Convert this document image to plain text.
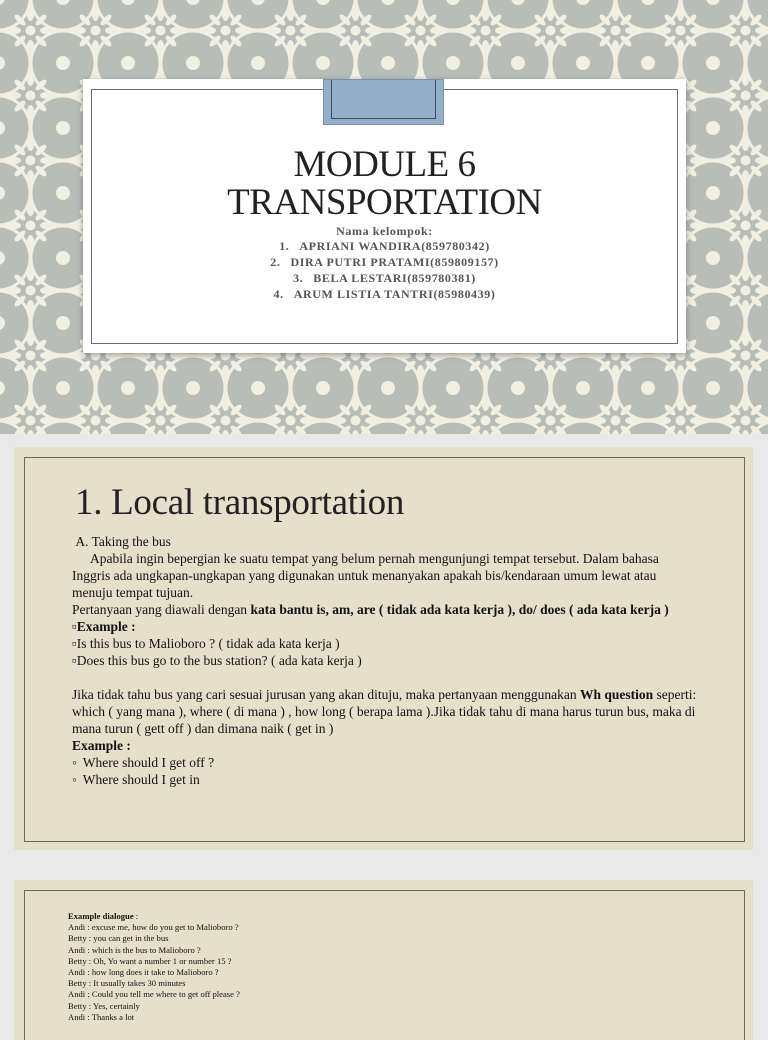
MODULE 6
TRANSPORTATION
Nama kelompok:
1. APRIANI WANDIRA(859780342)
2. DIRA PUTRI PRATAMI(859809157)
3. BELA LESTARI(859780381)
4. ARUM LISTIA TANTRI(85980439)
1. Local transportation

A. Taking the bus

Apabila ingin bepergian ke suatu tempat yang belum pernah mengunjungi tempat tersebut. Dalam bahasa Inggris ada ungkapan-ungkapan yang digunakan untuk menanyakan apakah bis/kendaraan umum lewat atau menuju tempat tujuan.

Pertanyaan yang diawali dengan kata bantu is, am, are ( tidak ada kata kerja ), do/ does ( ada kata kerja )

▫Example :

▫Is this bus to Malioboro ? ( tidak ada kata kerja )

▫Does this bus go to the bus station? ( ada kata kerja )

Jika tidak tahu bus yang cari sesuai jurusan yang akan dituju, maka pertanyaan menggunakan Wh question seperti: which ( yang mana ), where ( di mana ) , how long ( berapa lama ).Jika tidak tahu di mana harus turun bus, maka di mana turun ( gett off ) dan dimana naik ( get in )

Example :

◦ Where should I get off ?

◦ Where should I get in

Example dialogue :
Andi : excuse me, how do you get to Malioboro ?
Betty : you can get in the bus
Andi : which is the bus to Malioboro ?
Betty : Oh, Yo want a number 1 or number 15 ?
Andi : how long does it take to Malioboro ?
Betty : It usually takes 30 minutes
Andi : Could you tell me where to get off please ?
Betty : Yes, certainly
Andi : Thanks a lot
